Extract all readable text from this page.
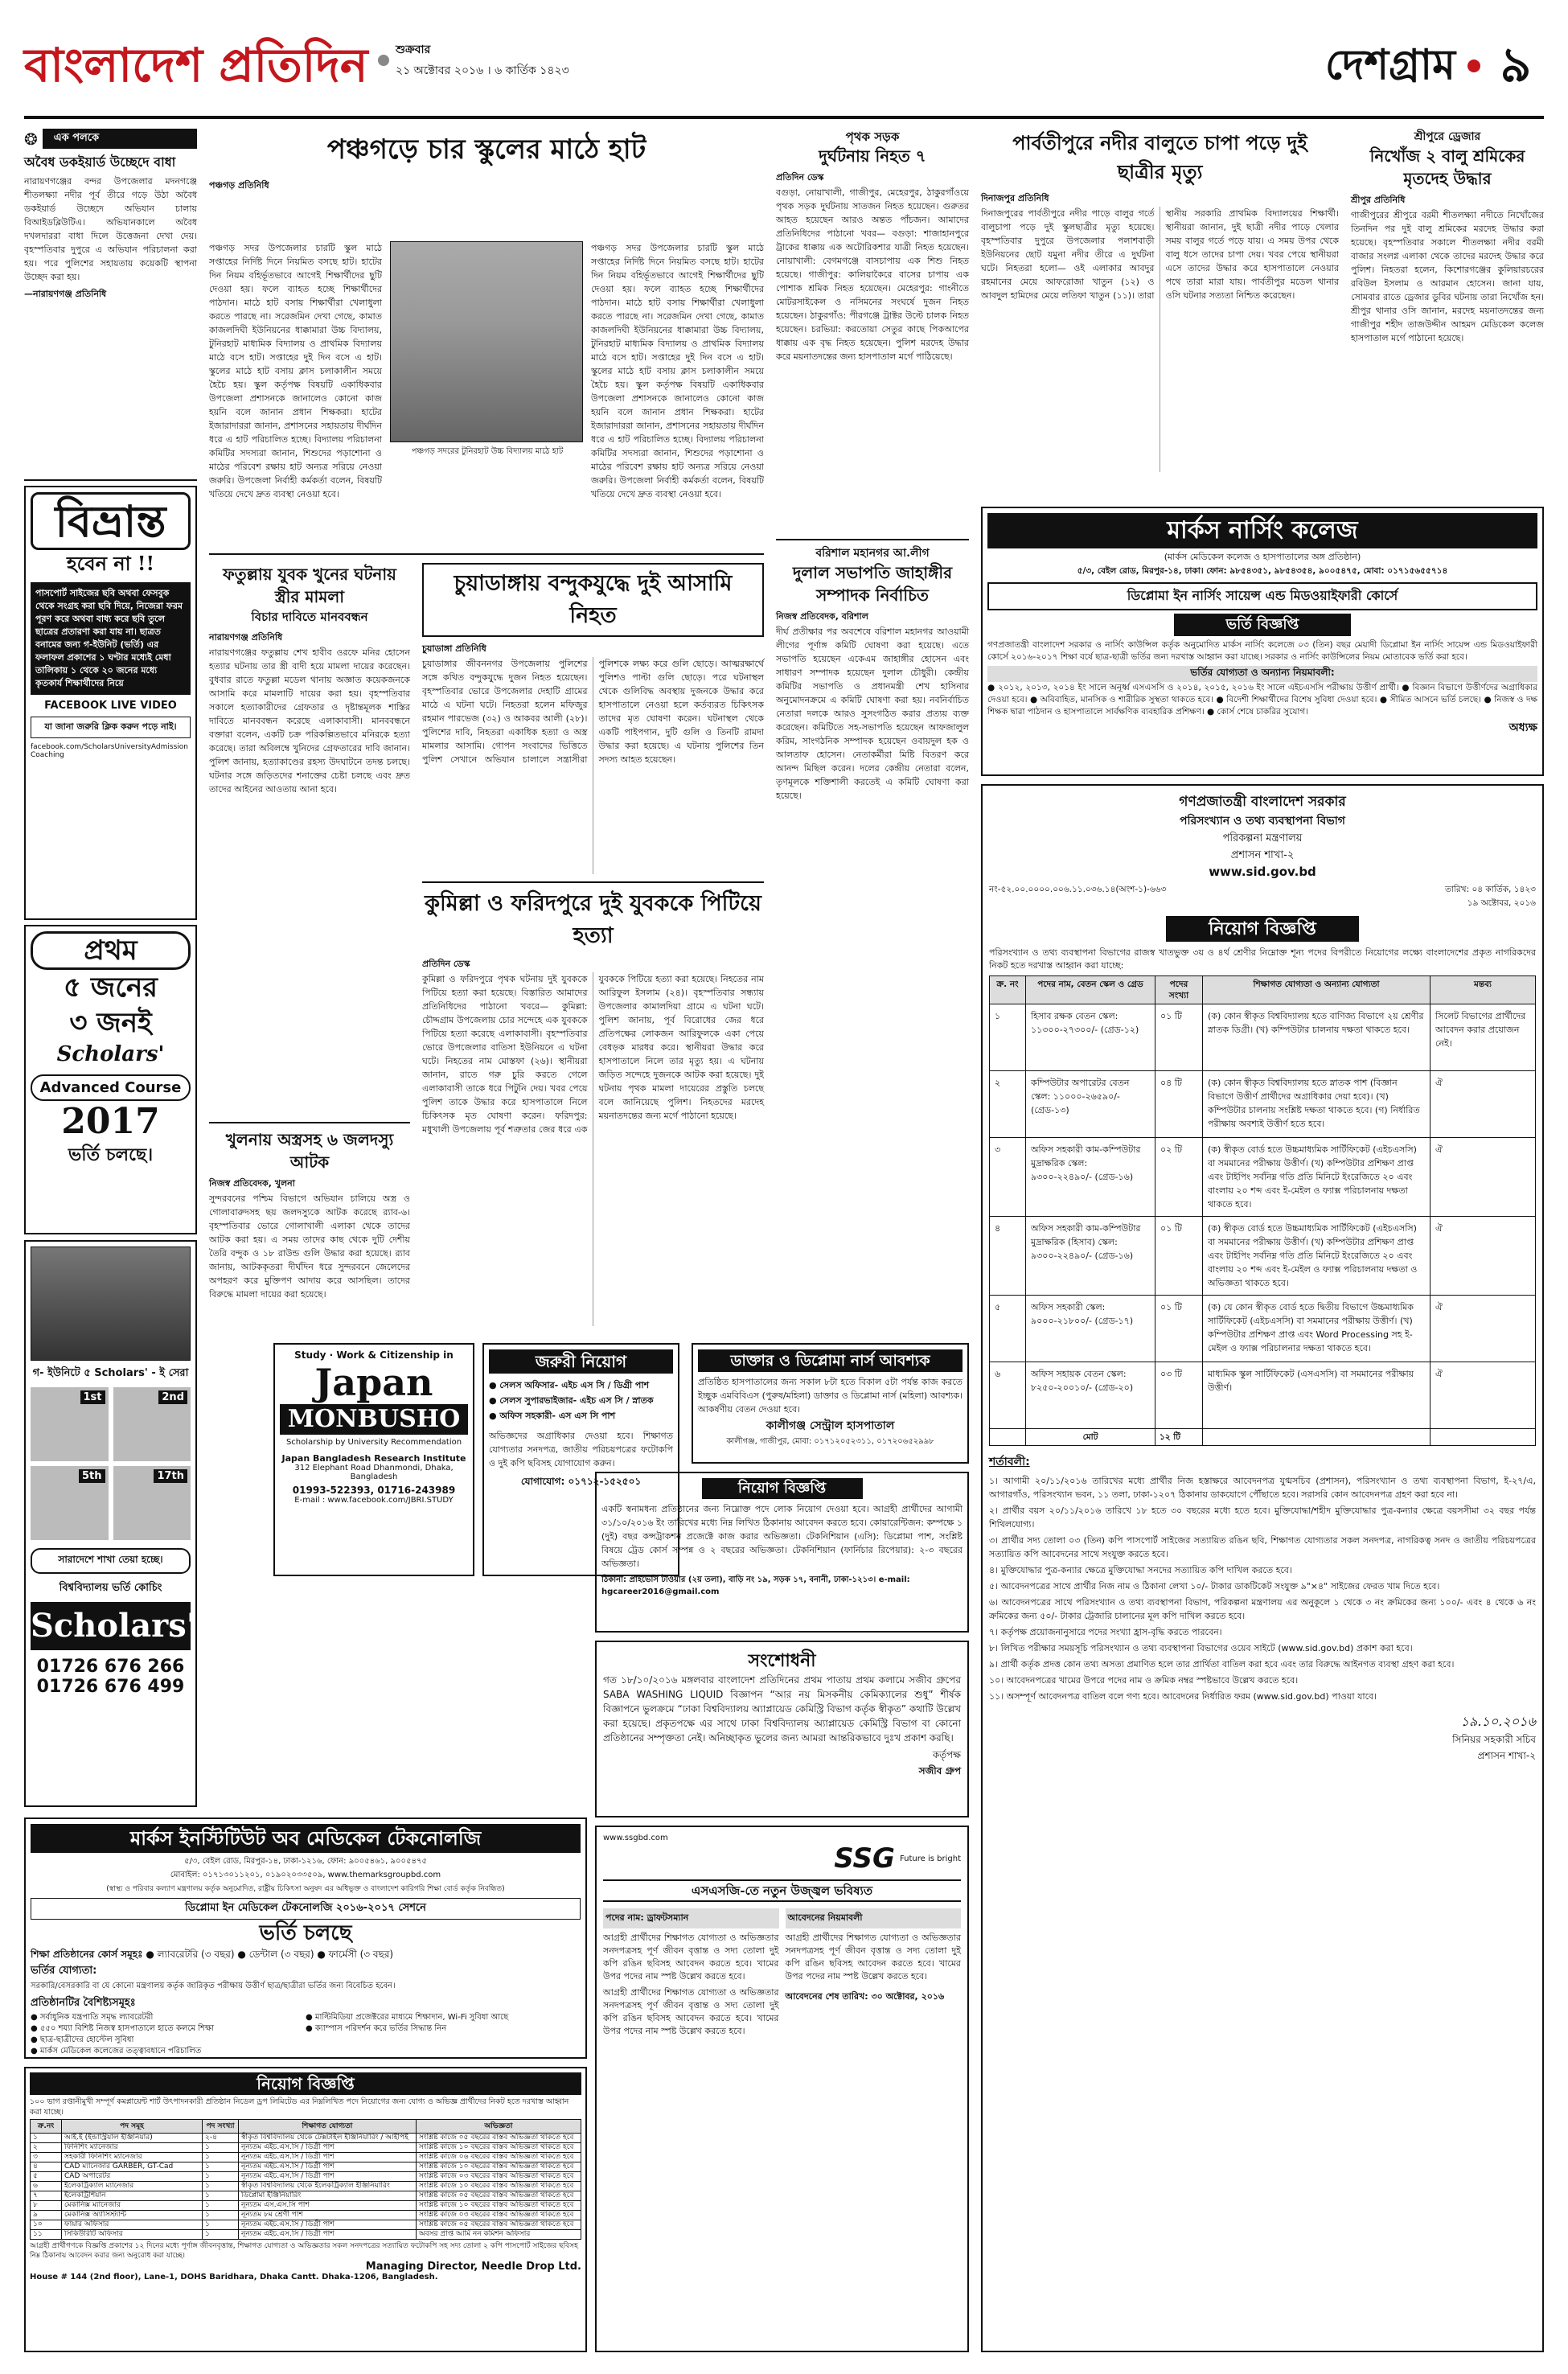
বাংলাদেশ প্রতিদিন শুক্রবার
২১ অক্টোবর ২০১৬ । ৬ কার্তিক ১৪২৩	দেশগ্রাম ৯
❂	এক পলকে
অবৈধ ডকইয়ার্ড উচ্ছেদে বাধা
নারায়ণগঞ্জের বন্দর উপজেলার মদনগঞ্জে শীতলক্ষ্যা নদীর পূর্ব তীরে গড়ে উঠা অবৈধ ডকইয়ার্ড উচ্ছেদে অভিযান চালায় বিআইডব্লিউটিএ। অভিযানকালে অবৈধ দখলদাররা বাধা দিলে উত্তেজনা দেখা দেয়। বৃহস্পতিবার দুপুরে এ অভিযান পরিচালনা করা হয়। পরে পুলিশের সহায়তায় কয়েকটি স্থাপনা উচ্ছেদ করা হয়।
—নারায়ণগঞ্জ প্রতিনিধি
বিভ্রান্ত
হবেন না !!
পাসপোর্ট সাইজের ছবি অথবা ফেসবুক থেকে সংগ্রহ করা ছবি দিয়ে, নিজেরা ফরম পূরণ করে অথবা বাধ্য করে ছবি তুলে ছাত্রের প্রতারণা করা যায় না। ছাত্রত বনামের জন্য গ-ইউনিট (ভর্তি) এর ফলাফল প্রকাশের ১ ঘণ্টার মধ্যেই মেধা তালিকায় ১ থেকে ২০ জনের মধ্যে কৃতকার্য শিক্ষার্থীদের নিয়ে
FACEBOOK LIVE VIDEO
যা জানা জরুরি ক্লিক করুন পড়ে নাই।
facebook.com/ScholarsUniversityAdmissionCoaching
প্রথম
৫ জনের
৩ জনই
Scholars'
Advanced Course
2017
ভর্তি চলছে।
গ- ইউনিটে ৫ Scholars' - ই সেরা
1st	2nd
5th	17th
সারাদেশে শাখা তেয়া হচ্ছে।
বিশ্ববিদ্যালয় ভর্তি কোচিং
Scholars'
01726 676 266
01726 676 499
পঞ্চগড়ে চার স্কুলের মাঠে হাট
পঞ্চগড় প্রতিনিধি
পঞ্চগড় সদরের টুনিরহাট উচ্চ বিদ্যালয় মাঠে হাট
পঞ্চগড় সদর উপজেলার চারটি স্কুল মাঠে সপ্তাহের নির্দিষ্ট দিনে নিয়মিত বসছে হাট। হাটের দিন নিয়ম বহির্ভূতভাবে আগেই শিক্ষার্থীদের ছুটি দেওয়া হয়। ফলে ব্যাহত হচ্ছে শিক্ষার্থীদের পাঠদান। মাঠে হাট বসায় শিক্ষার্থীরা খেলাধুলা করতে পারছে না। সরেজমিন দেখা গেছে, কামাত কাজলদিঘী ইউনিয়নের ধাক্কামারা উচ্চ বিদ্যালয়, টুনিরহাট মাধ্যমিক বিদ্যালয় ও প্রাথমিক বিদ্যালয় মাঠে বসে হাট। সপ্তাহের দুই দিন বসে এ হাট। স্কুলের মাঠে হাট বসায় ক্লাস চলাকালীন সময়ে হৈচৈ হয়। স্কুল কর্তৃপক্ষ বিষয়টি একাধিকবার উপজেলা প্রশাসনকে জানালেও কোনো কাজ হয়নি বলে জানান প্রধান শিক্ষকরা। হাটের ইজারাদাররা জানান, প্রশাসনের সহায়তায় দীর্ঘদিন ধরে এ হাট পরিচালিত হচ্ছে। বিদ্যালয় পরিচালনা কমিটির সদস্যরা জানান, শিশুদের পড়াশোনা ও মাঠের পরিবেশ রক্ষায় হাট অন্যত্র সরিয়ে নেওয়া জরুরি। উপজেলা নির্বাহী কর্মকর্তা বলেন, বিষয়টি খতিয়ে দেখে দ্রুত ব্যবস্থা নেওয়া হবে।
পঞ্চগড় সদর উপজেলার চারটি স্কুল মাঠে সপ্তাহের নির্দিষ্ট দিনে নিয়মিত বসছে হাট। হাটের দিন নিয়ম বহির্ভূতভাবে আগেই শিক্ষার্থীদের ছুটি দেওয়া হয়। ফলে ব্যাহত হচ্ছে শিক্ষার্থীদের পাঠদান। মাঠে হাট বসায় শিক্ষার্থীরা খেলাধুলা করতে পারছে না। সরেজমিন দেখা গেছে, কামাত কাজলদিঘী ইউনিয়নের ধাক্কামারা উচ্চ বিদ্যালয়, টুনিরহাট মাধ্যমিক বিদ্যালয় ও প্রাথমিক বিদ্যালয় মাঠে বসে হাট। সপ্তাহের দুই দিন বসে এ হাট। স্কুলের মাঠে হাট বসায় ক্লাস চলাকালীন সময়ে হৈচৈ হয়। স্কুল কর্তৃপক্ষ বিষয়টি একাধিকবার উপজেলা প্রশাসনকে জানালেও কোনো কাজ হয়নি বলে জানান প্রধান শিক্ষকরা। হাটের ইজারাদাররা জানান, প্রশাসনের সহায়তায় দীর্ঘদিন ধরে এ হাট পরিচালিত হচ্ছে। বিদ্যালয় পরিচালনা কমিটির সদস্যরা জানান, শিশুদের পড়াশোনা ও মাঠের পরিবেশ রক্ষায় হাট অন্যত্র সরিয়ে নেওয়া জরুরি। উপজেলা নির্বাহী কর্মকর্তা বলেন, বিষয়টি খতিয়ে দেখে দ্রুত ব্যবস্থা নেওয়া হবে।
ফতুল্লায় যুবক খুনের ঘটনায় স্ত্রীর মামলা
বিচার দাবিতে মানববন্ধন
নারায়ণগঞ্জ প্রতিনিধি
নারায়ণগঞ্জের ফতুল্লায় শেখ হাবীব ওরফে মনির হোসেন হত্যার ঘটনায় তার স্ত্রী বাদী হয়ে মামলা দায়ের করেছেন। বুধবার রাতে ফতুল্লা মডেল থানায় অজ্ঞাত কয়েকজনকে আসামি করে মামলাটি দায়ের করা হয়। বৃহস্পতিবার সকালে হত্যাকারীদের গ্রেফতার ও দৃষ্টান্তমূলক শাস্তির দাবিতে মানববন্ধন করেছে এলাকাবাসী। মানববন্ধনে বক্তারা বলেন, একটি চক্র পরিকল্পিতভাবে মনিরকে হত্যা করেছে। তারা অবিলম্বে খুনিদের গ্রেফতারের দাবি জানান। পুলিশ জানায়, হত্যাকাণ্ডের রহস্য উদঘাটনে তদন্ত চলছে। ঘটনার সঙ্গে জড়িতদের শনাক্তের চেষ্টা চলছে এবং দ্রুত তাদের আইনের আওতায় আনা হবে।
খুলনায় অস্ত্রসহ ৬ জলদস্যু আটক
নিজস্ব প্রতিবেদক, খুলনা
সুন্দরবনের পশ্চিম বিভাগে অভিযান চালিয়ে অস্ত্র ও গোলাবারুদসহ ছয় জলদস্যুকে আটক করেছে র‌্যাব-৬। বৃহস্পতিবার ভোরে গোলাখালী এলাকা থেকে তাদের আটক করা হয়। এ সময় তাদের কাছ থেকে দুটি দেশীয় তৈরি বন্দুক ও ১৮ রাউন্ড গুলি উদ্ধার করা হয়েছে। র‌্যাব জানায়, আটককৃতরা দীর্ঘদিন ধরে সুন্দরবনে জেলেদের অপহরণ করে মুক্তিপণ আদায় করে আসছিল। তাদের বিরুদ্ধে মামলা দায়ের করা হয়েছে।
চুয়াডাঙ্গায় বন্দুকযুদ্ধে দুই আসামি নিহত
চুয়াডাঙ্গা প্রতিনিধি
চুয়াডাঙ্গার জীবননগর উপজেলায় পুলিশের সঙ্গে কথিত বন্দুকযুদ্ধে দুজন নিহত হয়েছেন। বৃহস্পতিবার ভোরে উপজেলার দেহাটি গ্রামের মাঠে এ ঘটনা ঘটে। নিহতরা হলেন মফিজুর রহমান পারভেজ (৩২) ও আকবর আলী (২৮)। পুলিশের দাবি, নিহতরা একাধিক হত্যা ও অস্ত্র মামলার আসামি। গোপন সংবাদের ভিত্তিতে পুলিশ সেখানে অভিযান চালালে সন্ত্রাসীরা পুলিশকে লক্ষ্য করে গুলি ছোড়ে। আত্মরক্ষার্থে পুলিশও পাল্টা গুলি ছোড়ে। পরে ঘটনাস্থল থেকে গুলিবিদ্ধ অবস্থায় দুজনকে উদ্ধার করে হাসপাতালে নেওয়া হলে কর্তব্যরত চিকিৎসক তাদের মৃত ঘোষণা করেন। ঘটনাস্থল থেকে একটি পাইপগান, দুটি গুলি ও তিনটি রামদা উদ্ধার করা হয়েছে। এ ঘটনায় পুলিশের তিন সদস্য আহত হয়েছেন।
কুমিল্লা ও ফরিদপুরে দুই যুবককে পিটিয়ে হত্যা
প্রতিদিন ডেস্ক
কুমিল্লা ও ফরিদপুরে পৃথক ঘটনায় দুই যুবককে পিটিয়ে হত্যা করা হয়েছে। বিস্তারিত আমাদের প্রতিনিধিদের পাঠানো খবরে— কুমিল্লা: চৌদ্দগ্রাম উপজেলায় চোর সন্দেহে এক যুবককে পিটিয়ে হত্যা করেছে এলাকাবাসী। বৃহস্পতিবার ভোরে উপজেলার বাতিসা ইউনিয়নে এ ঘটনা ঘটে। নিহতের নাম মোস্তফা (২৬)। স্থানীয়রা জানান, রাতে গরু চুরি করতে গেলে এলাকাবাসী তাকে ধরে পিটুনি দেয়। খবর পেয়ে পুলিশ তাকে উদ্ধার করে হাসপাতালে নিলে চিকিৎসক মৃত ঘোষণা করেন। ফরিদপুর: মধুখালী উপজেলায় পূর্ব শত্রুতার জের ধরে এক যুবককে পিটিয়ে হত্যা করা হয়েছে। নিহতের নাম আরিফুল ইসলাম (২৪)। বৃহস্পতিবার সন্ধ্যায় উপজেলার কামালদিয়া গ্রামে এ ঘটনা ঘটে। পুলিশ জানায়, পূর্ব বিরোধের জের ধরে প্রতিপক্ষের লোকজন আরিফুলকে একা পেয়ে বেধড়ক মারধর করে। স্থানীয়রা উদ্ধার করে হাসপাতালে নিলে তার মৃত্যু হয়। এ ঘটনায় জড়িত সন্দেহে দুজনকে আটক করা হয়েছে। দুই ঘটনায় পৃথক মামলা দায়েরের প্রস্তুতি চলছে বলে জানিয়েছে পুলিশ। নিহতদের মরদেহ ময়নাতদন্তের জন্য মর্গে পাঠানো হয়েছে।
Study · Work & Citizenship in
Japan
MONBUSHO
Scholarship by University Recommendation
Japan Bangladesh Research Institute
312 Elephant Road Dhanmondi, Dhaka, Bangladesh
01993-522393, 01716-243989
E-mail : www.facebook.com/JBRI.STUDY
জরুরী নিয়োগ
● সেলস অফিসার- এইচ এস সি / ডিগ্রী পাশ
● সেলস সুপারভাইজার- এইচ এস সি / স্নাতক
● অফিস সহকারী- এস এস সি পাশ
অভিজ্ঞদের অগ্রাধিকার দেওয়া হবে। শিক্ষাগত যোগ্যতার সনদপত্র, জাতীয় পরিচয়পত্রের ফটোকপি ও দুই কপি ছবিসহ যোগাযোগ করুন।
যোগাযোগ: ০১৭১২-১৫২৫০১
পৃথক সড়ক
দুর্ঘটনায় নিহত ৭
প্রতিদিন ডেস্ক
বগুড়া, নোয়াখালী, গাজীপুর, মেহেরপুর, ঠাকুরগাঁওয়ে পৃথক সড়ক দুর্ঘটনায় সাতজন নিহত হয়েছেন। গুরুতর আহত হয়েছেন আরও অন্তত পাঁচজন। আমাদের প্রতিনিধিদের পাঠানো খবর— বগুড়া: শাজাহানপুরে ট্রাকের ধাক্কায় এক অটোরিকশার যাত্রী নিহত হয়েছেন। নোয়াখালী: বেগমগঞ্জে বাসচাপায় এক শিশু নিহত হয়েছে। গাজীপুর: কালিয়াকৈরে বাসের চাপায় এক পোশাক শ্রমিক নিহত হয়েছেন। মেহেরপুর: গাংনীতে মোটরসাইকেল ও নসিমনের সংঘর্ষে দুজন নিহত হয়েছেন। ঠাকুরগাঁও: পীরগঞ্জে ট্রাক্টর উল্টে চালক নিহত হয়েছেন। চরভিয়া: করতোয়া সেতুর কাছে পিকআপের ধাক্কায় এক বৃদ্ধ নিহত হয়েছেন। পুলিশ মরদেহ উদ্ধার করে ময়নাতদন্তের জন্য হাসপাতাল মর্গে পাঠিয়েছে।
বরিশাল মহানগর আ.লীগ
দুলাল সভাপতি জাহাঙ্গীর সম্পাদক নির্বাচিত
নিজস্ব প্রতিবেদক, বরিশাল
দীর্ঘ প্রতীক্ষার পর অবশেষে বরিশাল মহানগর আওয়ামী লীগের পূর্ণাঙ্গ কমিটি ঘোষণা করা হয়েছে। এতে সভাপতি হয়েছেন একেএম জাহাঙ্গীর হোসেন এবং সাধারণ সম্পাদক হয়েছেন দুলাল চৌধুরী। কেন্দ্রীয় কমিটির সভাপতি ও প্রধানমন্ত্রী শেখ হাসিনার অনুমোদনক্রমে এ কমিটি ঘোষণা করা হয়। নবনির্বাচিত নেতারা দলকে আরও সুসংগঠিত করার প্রত্যয় ব্যক্ত করেছেন। কমিটিতে সহ-সভাপতি হয়েছেন আফজালুল করিম, সাংগঠনিক সম্পাদক হয়েছেন ওবায়দুল হক ও আলতাফ হোসেন। নেতাকর্মীরা মিষ্টি বিতরণ করে আনন্দ মিছিল করেন। দলের কেন্দ্রীয় নেতারা বলেন, তৃণমূলকে শক্তিশালী করতেই এ কমিটি ঘোষণা করা হয়েছে।
ডাক্তার ও ডিপ্লোমা নার্স আবশ্যক
প্রতিষ্ঠিত হাসপাতালের জন্য সকাল ৮টা হতে বিকাল ৫টা পর্যন্ত কাজ করতে ইচ্ছুক এমবিবিএস (পুরুষ/মহিলা) ডাক্তার ও ডিপ্লোমা নার্স (মহিলা) আবশ্যক। আকর্ষণীয় বেতন দেওয়া হবে।
কালীগঞ্জ সেন্ট্রাল হাসপাতাল
কালীগঞ্জ, গাজীপুর, মোবা: ০১৭১২০৫২৩১১, ০১৭২০৬৫২৯৯৮
নিয়োগ বিজ্ঞপ্তি
একটি স্বনামধন্য প্রতিষ্ঠানের জন্য নিম্নোক্ত পদে লোক নিয়োগ দেওয়া হবে। আগ্রহী প্রার্থীদের আগামী ৩১/১০/২০১৬ ইং তারিখের মধ্যে নিম্ন লিখিত ঠিকানায় আবেদন করতে হবে। কোয়ারেন্টিজন: কম্পক্ষে ১ (দুই) বছর কন্সট্রাকশন প্রজেক্টে কাজ করার অভিজ্ঞতা। টেকনিশিয়ান (এসি): ডিপ্লোমা পাশ, সংশ্লিষ্ট বিষয়ে ট্রেড কোর্স সম্পন্ন ও ২ বছরের অভিজ্ঞতা। টেকনিশিয়ান (ফার্নিচার রিপেয়ার): ২-৩ বছরের অভিজ্ঞতা।
ঠিকানা: প্রাইভেসি টাওয়ার (২য় তলা), বাড়ি নং ১৯, সড়ক ১৭, বনানী, ঢাকা-১২১৩। e-mail: hgcareer2016@gmail.com
সংশোধনী
গত ১৮/১০/২০১৬ মঙ্গলবার বাংলাদেশ প্রতিদিনের প্রথম পাতায় প্রথম কলামে সজীব গ্রুপের SABA WASHING LIQUID বিজ্ঞাপন “আর নয় মিসকনীয় কেমিক্যালের শুধু” শীর্ষক বিজ্ঞাপনে ভুলক্রমে “ঢাকা বিশ্ববিদ্যালয় অ্যাপ্লায়েড কেমিস্ট্রি বিভাগ কর্তৃক স্বীকৃত” কথাটি উল্লেখ করা হয়েছে। প্রকৃতপক্ষে এর সাথে ঢাকা বিশ্ববিদ্যালয় অ্যাপ্লায়েড কেমিস্ট্রি বিভাগ বা কোনো প্রতিষ্ঠানের সম্পৃক্ততা নেই। অনিচ্ছাকৃত ভুলের জন্য আমরা আন্তরিকভাবে দুঃখ প্রকাশ করছি।
কর্তৃপক্ষ
সজীব গ্রুপ
মার্কস ইনস্টিটিউট অব মেডিকেল টেকনোলজি
৫/৩, বেইল রোড, মিরপুর-১৪, ঢাকা-১২১৬, ফোন: ৯০০৫৪৬১, ৯০০৫৪৭৫
মোবাইল: ০১৭১৩০১১২০১, ০১৯০২০৩৩৫০৯, www.themarksgroupbd.com
(স্বাস্থ্য ও পরিবার কল্যাণ মন্ত্রণালয় কর্তৃক অনুমোদিত, রাষ্ট্রীয় চিকিৎসা অনুষদ এর অধিভুক্ত ও বাংলাদেশ কারিগরি শিক্ষা বোর্ড কর্তৃক নিবন্ধিত)
ডিপ্লোমা ইন মেডিকেল টেকনোলজি ২০১৬-২০১৭ সেশনে
ভর্তি চলছে
শিক্ষা প্রতিষ্ঠানের কোর্স সমূহঃ ● ল্যাবরেটরি (৩ বছর) ● ডেন্টাল (৩ বছর) ● ফার্মেসী (৩ বছর)
ভর্তির যোগ্যতা:
সরকারি/বেসরকারি বা যে কোনো মন্ত্রণালয় কর্তৃক জারিকৃত পরীক্ষায় উত্তীর্ণ ছাত্র/ছাত্রীরা ভর্তির জন্য বিবেচিত হবেন।
প্রতিষ্ঠানটির বৈশিষ্ট্যসমূহঃ
● সর্বাধুনিক যন্ত্রপাতি সমৃদ্ধ ল্যাবরেটরী	● মাল্টিমিডিয়া প্রজেক্টরের মাধ্যমে শিক্ষাদান, Wi-Fi সুবিধা আছে
● ৫৫০ শয্যা বিশিষ্ট নিজস্ব হাসপাতালে হাতে কলমে শিক্ষা	● ক্যাম্পাস পরিদর্শন করে ভর্তির সিদ্ধান্ত নিন
● ছাত্র-ছাত্রীদের হোস্টেল সুবিধা
● মার্কস মেডিকেল কলেজের তত্ত্বাবধানে পরিচালিত
নিয়োগ বিজ্ঞপ্তি
১০০ ভাগ রপ্তানীমুখী সম্পূর্ণ কমপ্লায়েন্ট শার্ট উৎপাদনকারী প্রতিষ্ঠান নিডেল ড্রপ লিমিটেড এর নিম্নলিখিত পদে নিয়োগের জন্য যোগ্য ও অভিজ্ঞ প্রার্থীদের নিকট হতে দরখাস্ত আহ্বান করা যাচ্ছে।
ক্র.নং	পদ সমূহ	পদ সংখ্যা	শিক্ষাগত যোগ্যতা	অভিজ্ঞতা
১	আই.ই (ইন্ডাস্ট্রিয়াল ইঞ্জিনিয়ার)	২-৪	স্বীকৃত বিশ্ববিদ্যালয় থেকে টেক্সটাইল ইঞ্জিনিয়ারিং / আইপিই	সংশ্লিষ্ট কাজে ০৫ বছরের বাস্তব অভিজ্ঞতা থাকতে হবে
২	ফিনিশিং ম্যানেজার	১	নূন্যতম এইচ.এস.সি / ডিগ্রী পাশ	সংশ্লিষ্ট কাজে ১০ বছরের বাস্তব অভিজ্ঞতা থাকতে হবে
৩	সহকারী ফিনিশিং ম্যানেজার	১	নূন্যতম এইচ.এস.সি / ডিগ্রী পাশ	সংশ্লিষ্ট কাজে ০৬ বছরের বাস্তব অভিজ্ঞতা থাকতে হবে
৪	CAD ম্যানেজার GARBER, GT-Cad	১	নূন্যতম এইচ.এস.সি / ডিগ্রী পাশ	সংশ্লিষ্ট কাজে ১০ বছরের বাস্তব অভিজ্ঞতা থাকতে হবে
৫	CAD অপারেটর	১	নূন্যতম এইচ.এস.সি / ডিগ্রী পাশ	সংশ্লিষ্ট কাজে ০৩ বছরের বাস্তব অভিজ্ঞতা থাকতে হবে
৬	ইলেকট্রিক্যাল ম্যানেজার	১	স্বীকৃত বিশ্ববিদ্যালয় থেকে ইলেকট্রিক্যাল ইঞ্জিনিয়ারিং	সংশ্লিষ্ট কাজে ১০ বছরের বাস্তব অভিজ্ঞতা থাকতে হবে
৭	ইলেকট্রিশিয়ান	১	ডিপ্লোমা ইঞ্জিনিয়ারিং	সংশ্লিষ্ট কাজে ০৫ বছরের বাস্তব অভিজ্ঞতা থাকতে হবে
৮	মেকানিক্স ম্যানেজার	১	নূন্যতম এস.এস.সি পাশ	সংশ্লিষ্ট কাজে ১০ বছরের বাস্তব অভিজ্ঞতা থাকতে হবে
৯	মেকানিক্স অ্যাসিস্ট্যান্ট	১	নূন্যতম ৮ম শ্রেণী পাশ	সংশ্লিষ্ট কাজে ০৩ বছরের বাস্তব অভিজ্ঞতা থাকতে হবে
১০	ফায়ার অফিসার	১	নূন্যতম এইচ.এস.সি / ডিগ্রী পাশ	সংশ্লিষ্ট কাজে ০৫ বছরের বাস্তব অভিজ্ঞতা থাকতে হবে
১১	সিকিউরিটি অফিসার	১	নূন্যতম এইচ.এস.সি / ডিগ্রী পাশ	অবসর প্রাপ্ত আর্মি নন কমিশন অফিসার
আগ্রহী প্রার্থীগণকে বিজ্ঞপ্তি প্রকাশের ১২ দিনের মধ্যে পূর্ণাঙ্গ জীবনবৃত্তান্ত, শিক্ষাগত যোগ্যতা ও অভিজ্ঞতার সকল সনদপত্রের সত্যায়িত ফটোকপি সহ সদ্য তোলা ২ কপি পাসপোর্ট সাইজের ছবিসহ নিম্ন ঠিকানায় আবেদন করার জন্য অনুরোধ করা যাচ্ছে।
Managing Director, Needle Drop Ltd.
House # 144 (2nd floor), Lane-1, DOHS Baridhara, Dhaka Cantt. Dhaka-1206, Bangladesh.
www.ssgbd.com
SSG Future is bright
এসএসজি-তে নতুন উজ্জ্বল ভবিষ্যত
পদের নাম: ড্রাফটসম্যান
আগ্রহী প্রার্থীদের শিক্ষাগত যোগ্যতা ও অভিজ্ঞতার সনদপত্রসহ পূর্ণ জীবন বৃত্তান্ত ও সদ্য তোলা দুই কপি রঙিন ছবিসহ আবেদন করতে হবে। খামের উপর পদের নাম স্পষ্ট উল্লেখ করতে হবে।
আগ্রহী প্রার্থীদের শিক্ষাগত যোগ্যতা ও অভিজ্ঞতার সনদপত্রসহ পূর্ণ জীবন বৃত্তান্ত ও সদ্য তোলা দুই কপি রঙিন ছবিসহ আবেদন করতে হবে। খামের উপর পদের নাম স্পষ্ট উল্লেখ করতে হবে।
আবেদনের নিয়মাবলী
আগ্রহী প্রার্থীদের শিক্ষাগত যোগ্যতা ও অভিজ্ঞতার সনদপত্রসহ পূর্ণ জীবন বৃত্তান্ত ও সদ্য তোলা দুই কপি রঙিন ছবিসহ আবেদন করতে হবে। খামের উপর পদের নাম স্পষ্ট উল্লেখ করতে হবে।
আবেদনের শেষ তারিখ: ৩০ অক্টোবর, ২০১৬
পার্বতীপুরে নদীর বালুতে চাপা পড়ে দুই ছাত্রীর মৃত্যু
দিনাজপুর প্রতিনিধি
দিনাজপুরের পার্বতীপুরে নদীর পাড়ে বালুর গর্তে বালুচাপা পড়ে দুই স্কুলছাত্রীর মৃত্যু হয়েছে। বৃহস্পতিবার দুপুরে উপজেলার পলাশবাড়ী ইউনিয়নের ছোট যমুনা নদীর তীরে এ দুর্ঘটনা ঘটে। নিহতরা হলো— ওই এলাকার আবদুর রহমানের মেয়ে আফরোজা খাতুন (১২) ও আবদুল হামিদের মেয়ে লতিফা খাতুন (১১)। তারা স্থানীয় সরকারি প্রাথমিক বিদ্যালয়ের শিক্ষার্থী। স্থানীয়রা জানান, দুই ছাত্রী নদীর পাড়ে খেলার সময় বালুর গর্তে পড়ে যায়। এ সময় উপর থেকে বালু ধসে তাদের চাপা দেয়। খবর পেয়ে স্থানীয়রা এসে তাদের উদ্ধার করে হাসপাতালে নেওয়ার পথে তারা মারা যায়। পার্বতীপুর মডেল থানার ওসি ঘটনার সত্যতা নিশ্চিত করেছেন।
শ্রীপুরে ড্রেজার
নিখোঁজ ২ বালু শ্রমিকের মৃতদেহ উদ্ধার
শ্রীপুর প্রতিনিধি
গাজীপুরের শ্রীপুরে বরমী শীতলক্ষ্যা নদীতে নিখোঁজের তিনদিন পর দুই বালু শ্রমিকের মরদেহ উদ্ধার করা হয়েছে। বৃহস্পতিবার সকালে শীতলক্ষ্যা নদীর বরমী বাজার সংলগ্ন এলাকা থেকে তাদের মরদেহ উদ্ধার করে পুলিশ। নিহতরা হলেন, কিশোরগঞ্জের কুলিয়ারচরের রবিউল ইসলাম ও আরমান হোসেন। জানা যায়, সোমবার রাতে ড্রেজার ডুবির ঘটনায় তারা নিখোঁজ হন। শ্রীপুর থানার ওসি জানান, মরদেহ ময়নাতদন্তের জন্য গাজীপুর শহীদ তাজউদ্দীন আহমদ মেডিকেল কলেজ হাসপাতাল মর্গে পাঠানো হয়েছে।
মার্কস নার্সিং কলেজ
(মার্কস মেডিকেল কলেজ ও হাসপাতালের অঙ্গ প্রতিষ্ঠান)
৫/৩, বেইল রোড, মিরপুর-১৪, ঢাকা। ফোন: ৯৮৫৪৩৫১, ৯৮৫৪৩৫৪, ৯০০৫৪৭৫, মোবা: ০১৭১৫৬৫৫৭১৪
ডিপ্লোমা ইন নার্সিং সায়েন্স এন্ড মিডওয়াইফারী কোর্সে
ভর্তি বিজ্ঞপ্তি
গণপ্রজাতন্ত্রী বাংলাদেশ সরকার ও নার্সিং কাউন্সিল কর্তৃক অনুমোদিত মার্কস নার্সিং কলেজে ০৩ (তিন) বছর মেয়াদী ডিপ্লোমা ইন নার্সিং সায়েন্স এন্ড মিডওয়াইফারী কোর্সে ২০১৬-২০১৭ শিক্ষা বর্ষে ছাত্র-ছাত্রী ভর্তির জন্য দরখাস্ত আহ্বান করা যাচ্ছে। সরকার ও নার্সিং কাউন্সিলের নিয়ম মোতাবেক ভর্তি করা হবে।
ভর্তির যোগ্যতা ও অন্যান্য নিয়মাবলী:
● ২০১২, ২০১৩, ২০১৪ ইং সালে অনূর্ধ্ব এসএসসি ও ২০১৪, ২০১৫, ২০১৬ ইং সালে এইচএসসি পরীক্ষায় উত্তীর্ণ প্রার্থী। ● বিজ্ঞান বিভাগে উত্তীর্ণদের অগ্রাধিকার দেওয়া হবে। ● অবিবাহিত, মানসিক ও শারীরিক সুস্থতা থাকতে হবে। ● বিদেশী শিক্ষার্থীদের বিশেষ সুবিধা দেওয়া হবে। ● সীমিত আসনে ভর্তি চলছে। ● নিজস্ব ও দক্ষ শিক্ষক দ্বারা পাঠদান ও হাসপাতালে সার্বক্ষণিক ব্যবহারিক প্রশিক্ষণ। ● কোর্স শেষে চাকরির সুযোগ।
অধ্যক্ষ
গণপ্রজাতন্ত্রী বাংলাদেশ সরকার
পরিসংখ্যান ও তথ্য ব্যবস্থাপনা বিভাগ
পরিকল্পনা মন্ত্রণালয়
প্রশাসন শাখা-২
www.sid.gov.bd
নং-৫২.০০.০০০০.০০৬.১১.০৩৬.১৪(অংশ-১)-৬৬৩	তারিখ: ০৪ কার্তিক, ১৪২৩
১৯ অক্টোবর, ২০১৬
নিয়োগ বিজ্ঞপ্তি
পরিসংখ্যান ও তথ্য ব্যবস্থাপনা বিভাগের রাজস্ব খাতভুক্ত ৩য় ও ৪র্থ শ্রেণীর নিম্নোক্ত শূন্য পদের বিপরীতে নিয়োগের লক্ষ্যে বাংলাদেশের প্রকৃত নাগরিকদের নিকট হতে দরখাস্ত আহ্বান করা যাচ্ছে:
ক্র. নং	পদের নাম, বেতন স্কেল ও গ্রেড	পদের সংখ্যা	শিক্ষাগত যোগ্যতা ও অন্যান্য যোগ্যতা	মন্তব্য
১	হিসাব রক্ষক বেতন স্কেল: ১১৩০০-২৭৩০০/- (গ্রেড-১২)	০১ টি	(ক) কোন স্বীকৃত বিশ্ববিদ্যালয় হতে বাণিজ্য বিভাগে ২য় শ্রেণীর স্নাতক ডিগ্রী। (খ) কম্পিউটার চালনায় দক্ষতা থাকতে হবে।	সিলেট বিভাগের প্রার্থীদের আবেদন করার প্রয়োজন নেই।
২	কম্পিউটার অপারেটর বেতন স্কেল: ১১০০০-২৬৫৯০/- (গ্রেড-১৩)	০৪ টি	(ক) কোন স্বীকৃত বিশ্ববিদ্যালয় হতে স্নাতক পাশ (বিজ্ঞান বিভাগে উত্তীর্ণ প্রার্থীদের অগ্রাধিকার দেয়া হবে)। (খ) কম্পিউটার চালনায় সংশ্লিষ্ট দক্ষতা থাকতে হবে। (গ) নির্ধারিত পরীক্ষায় অবশ্যই উত্তীর্ণ হতে হবে।	ঐ
৩	অফিস সহকারী কাম-কম্পিউটার মুদ্রাক্ষরিক স্কেল: ৯৩০০-২২৪৯০/- (গ্রেড-১৬)	০২ টি	(ক) স্বীকৃত বোর্ড হতে উচ্চমাধ্যমিক সার্টিফিকেট (এইচএসসি) বা সমমানের পরীক্ষায় উত্তীর্ণ। (খ) কম্পিউটার প্রশিক্ষণ প্রাপ্ত এবং টাইপিং সর্বনিম্ন গতি প্রতি মিনিটে ইংরেজিতে ২০ এবং বাংলায় ২০ শব্দ এবং ই-মেইল ও ফ্যাক্স পরিচালনায় দক্ষতা থাকতে হবে।	ঐ
৪	অফিস সহকারী কাম-কম্পিউটার মুদ্রাক্ষরিক (হিসাব) স্কেল: ৯৩০০-২২৪৯০/- (গ্রেড-১৬)	০১ টি	(ক) স্বীকৃত বোর্ড হতে উচ্চমাধ্যমিক সার্টিফিকেট (এইচএসসি) বা সমমানের পরীক্ষায় উত্তীর্ণ। (খ) কম্পিউটার প্রশিক্ষণ প্রাপ্ত এবং টাইপিং সর্বনিম্ন গতি প্রতি মিনিটে ইংরেজিতে ২০ এবং বাংলায় ২০ শব্দ এবং ই-মেইল ও ফ্যাক্স পরিচালনায় দক্ষতা ও অভিজ্ঞতা থাকতে হবে।	ঐ
৫	অফিস সহকারী স্কেল: ৯০০০-২১৮০০/- (গ্রেড-১৭)	০১ টি	(ক) যে কোন স্বীকৃত বোর্ড হতে দ্বিতীয় বিভাগে উচ্চমাধ্যমিক সার্টিফিকেট (এইচএসসি) বা সমমানের পরীক্ষায় উত্তীর্ণ। (খ) কম্পিউটার প্রশিক্ষণ প্রাপ্ত এবং Word Processing সহ ই-মেইল ও ফ্যাক্স পরিচালনার দক্ষতা থাকতে হবে।	ঐ
৬	অফিস সহায়ক বেতন স্কেল: ৮২৫০-২০০১০/- (গ্রেড-২০)	০৩ টি	মাধ্যমিক স্কুল সার্টিফিকেট (এসএসসি) বা সমমানের পরীক্ষায় উত্তীর্ণ।	ঐ
	মোট	১২ টি		
শর্তাবলী:
১। আগামী ২০/১১/২০১৬ তারিখের মধ্যে প্রার্থীর নিজ হস্তাক্ষরে আবেদনপত্র যুগ্মসচিব (প্রশাসন), পরিসংখ্যান ও তথ্য ব্যবস্থাপনা বিভাগ, ই-২৭/এ, আগারগাঁও, পরিসংখ্যান ভবন, ১১ তলা, ঢাকা-১২০৭ ঠিকানায় ডাকযোগে পৌঁছাতে হবে। সরাসরি কোন আবেদনপত্র গ্রহণ করা হবে না।
২। প্রার্থীর বয়স ২০/১১/২০১৬ তারিখে ১৮ হতে ৩০ বছরের মধ্যে হতে হবে। মুক্তিযোদ্ধা/শহীদ মুক্তিযোদ্ধার পুত্র-কন্যার ক্ষেত্রে বয়সসীমা ৩২ বছর পর্যন্ত শিথিলযোগ্য।
৩। প্রার্থীর সদ্য তোলা ০৩ (তিন) কপি পাসপোর্ট সাইজের সত্যায়িত রঙিন ছবি, শিক্ষাগত যোগ্যতার সকল সনদপত্র, নাগরিকত্ব সনদ ও জাতীয় পরিচয়পত্রের সত্যায়িত কপি আবেদনের সাথে সংযুক্ত করতে হবে।
৪। মুক্তিযোদ্ধার পুত্র-কন্যার ক্ষেত্রে মুক্তিযোদ্ধা সনদের সত্যায়িত কপি দাখিল করতে হবে।
৫। আবেদনপত্রের সাথে প্রার্থীর নিজ নাম ও ঠিকানা লেখা ১০/- টাকার ডাকটিকেট সংযুক্ত ৯"×৪" সাইজের ফেরত খাম দিতে হবে।
৬। আবেদনপত্রের সাথে পরিসংখ্যান ও তথ্য ব্যবস্থাপনা বিভাগ, পরিকল্পনা মন্ত্রণালয় এর অনুকূলে ১ থেকে ৩ নং ক্রমিকের জন্য ১০০/- এবং ৪ থেকে ৬ নং ক্রমিকের জন্য ৫০/- টাকার ট্রেজারি চালানের মূল কপি দাখিল করতে হবে।
৭। কর্তৃপক্ষ প্রয়োজনানুসারে পদের সংখ্যা হ্রাস-বৃদ্ধি করতে পারবেন।
৮। লিখিত পরীক্ষার সময়সূচি পরিসংখ্যান ও তথ্য ব্যবস্থাপনা বিভাগের ওয়েব সাইটে (www.sid.gov.bd) প্রকাশ করা হবে।
৯। প্রার্থী কর্তৃক প্রদত্ত কোন তথ্য অসত্য প্রমাণিত হলে তার প্রার্থিতা বাতিল করা হবে এবং তার বিরুদ্ধে আইনগত ব্যবস্থা গ্রহণ করা হবে।
১০। আবেদনপত্রের খামের উপরে পদের নাম ও ক্রমিক নম্বর স্পষ্টভাবে উল্লেখ করতে হবে।
১১। অসম্পূর্ণ আবেদনপত্র বাতিল বলে গণ্য হবে। আবেদনের নির্ধারিত ফরম (www.sid.gov.bd) পাওয়া যাবে।
১৯.১০.২০১৬
সিনিয়র সহকারী সচিব
প্রশাসন শাখা-২
